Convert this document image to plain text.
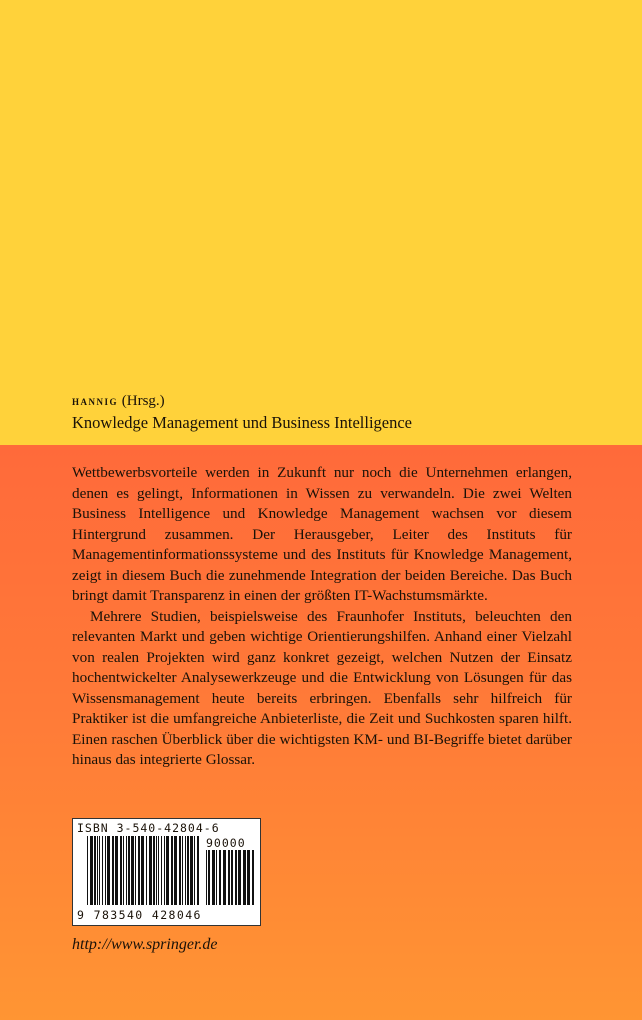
hannig (Hrsg.)
Knowledge Management und Business Intelligence

Wettbewerbsvorteile werden in Zukunft nur noch die Unternehmen erlangen, denen es gelingt, Informationen in Wissen zu verwandeln. Die zwei Welten Business Intelligence und Knowledge Management wachsen vor diesem Hintergrund zusammen. Der Herausgeber, Leiter des Instituts für Managementinformationssysteme und des Instituts für Knowledge Management, zeigt in diesem Buch die zunehmende Integration der beiden Bereiche. Das Buch bringt damit Transparenz in einen der größten IT-Wachstumsmärkte.

Mehrere Studien, beispielsweise des Fraunhofer Instituts, beleuchten den relevanten Markt und geben wichtige Orientierungshilfen. Anhand einer Vielzahl von realen Projekten wird ganz konkret gezeigt, welchen Nutzen der Einsatz hochentwickelter Analysewerkzeuge und die Entwicklung von Lösungen für das Wissensmanagement heute bereits erbringen. Ebenfalls sehr hilfreich für Praktiker ist die umfangreiche Anbieterliste, die Zeit und Suchkosten sparen hilft. Einen raschen Überblick über die wichtigsten KM- und BI-Begriffe bietet darüber hinaus das integrierte Glossar.

ISBN 3-540-42804-6
90000
9 783540 428046
http://www.springer.de
